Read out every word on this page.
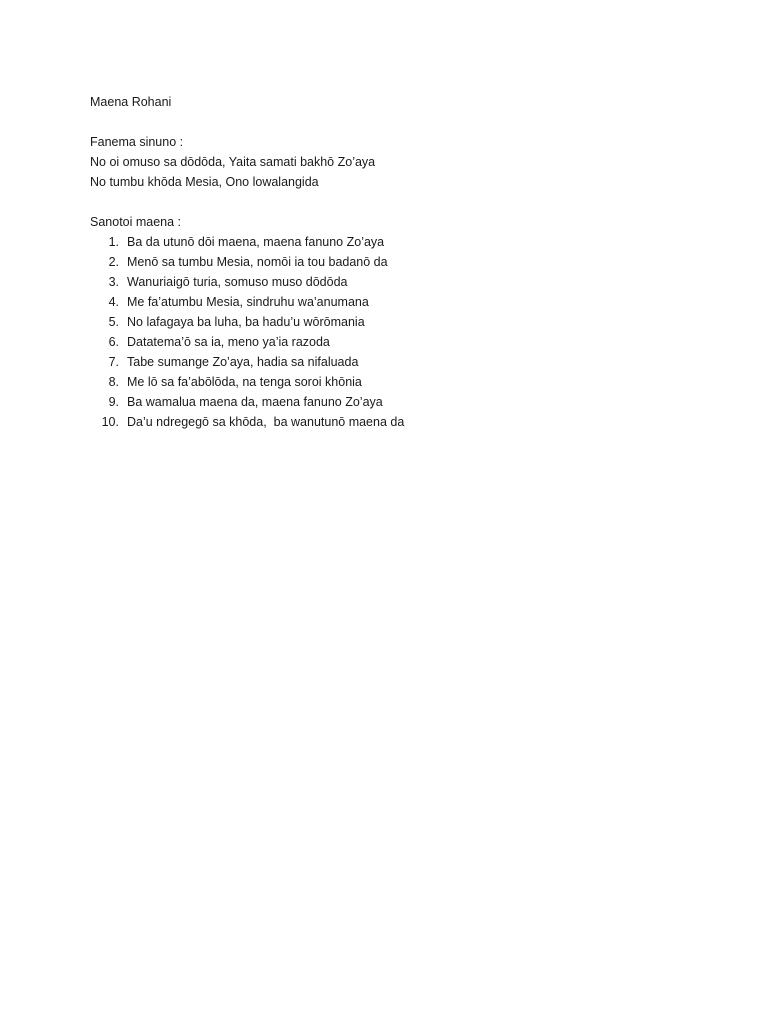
Maena Rohani

Fanema sinuno :

No oi omuso sa dōdōda, Yaita samati bakhō Zo’aya

No tumbu khōda Mesia, Ono lowalangida

Sanotoi maena :

1. Ba da utunō dōi maena, maena fanuno Zo’aya
2. Menō sa tumbu Mesia, nomōi ia tou badanō da
3. Wanuriaigō turia, somuso muso dōdōda
4. Me fa’atumbu Mesia, sindruhu wa’anumana
5. No lafagaya ba luha, ba hadu’u wōrōmania
6. Datatema’ō sa ia, meno ya’ia razoda
7. Tabe sumange Zo’aya, hadia sa nifaluada
8. Me lō sa fa’abōlōda, na tenga soroi khōnia
9. Ba wamalua maena da, maena fanuno Zo’aya
10. Da’u ndregegō sa khōda,  ba wanutunō maena da
